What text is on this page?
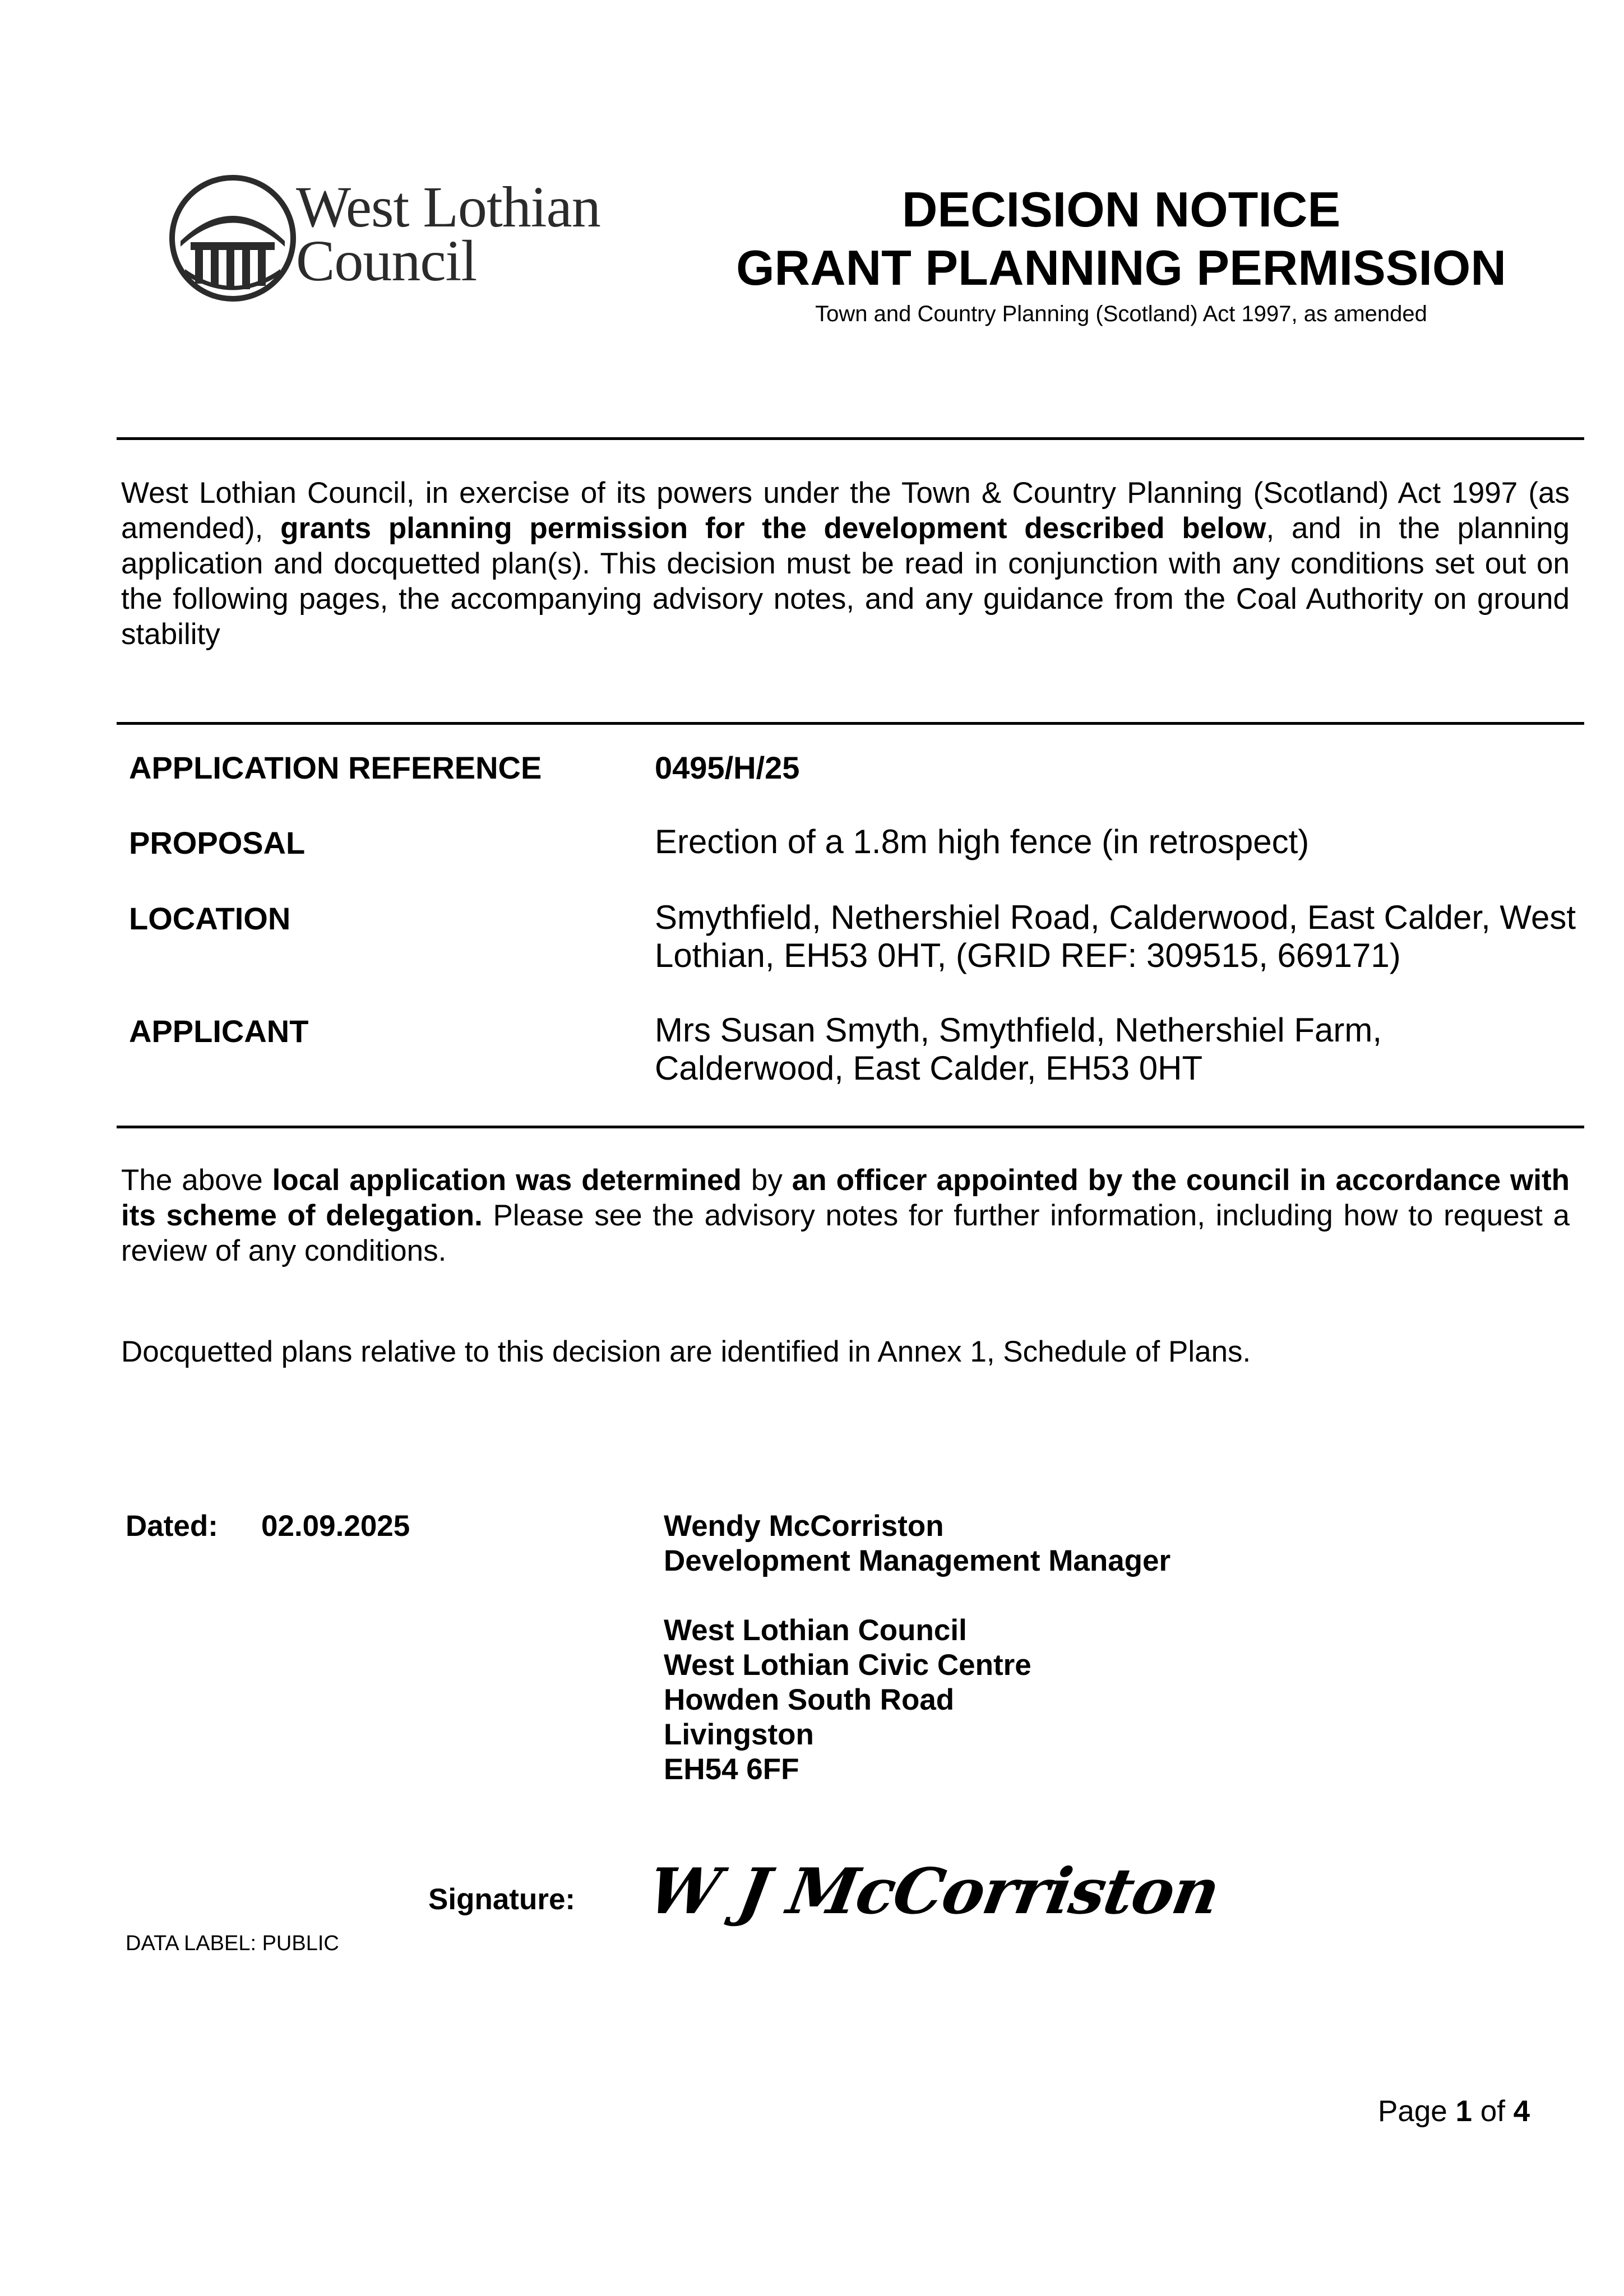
West Lothian
Council
DECISION NOTICE
GRANT PLANNING PERMISSION
Town and Country Planning (Scotland) Act 1997, as amended
West Lothian Council, in exercise of its powers under the Town & Country Planning (Scotland) Act 1997 (as amended), grants planning permission for the development described below, and in the planning application and docquetted plan(s). This decision must be read in conjunction with any conditions set out on the following pages, the accompanying advisory notes, and any guidance from the Coal Authority on ground stability
APPLICATION REFERENCE	0495/H/25
PROPOSAL	Erection of a 1.8m high fence (in retrospect)
LOCATION	Smythfield, Nethershiel Road, Calderwood, East Calder, West Lothian, EH53 0HT, (GRID REF: 309515, 669171)
APPLICANT	Mrs Susan Smyth, Smythfield, Nethershiel Farm, Calderwood, East Calder, EH53 0HT
The above local application was determined by an officer appointed by the council in accordance with its scheme of delegation. Please see the advisory notes for further information, including how to request a review of any conditions.
Docquetted plans relative to this decision are identified in Annex 1, Schedule of Plans.
Dated: 02.09.2025	Wendy McCorriston
Development Management Manager
West Lothian Council
West Lothian Civic Centre
Howden South Road
Livingston
EH54 6FF
Signature: W J McCorriston
DATA LABEL: PUBLIC
Page 1 of 4
